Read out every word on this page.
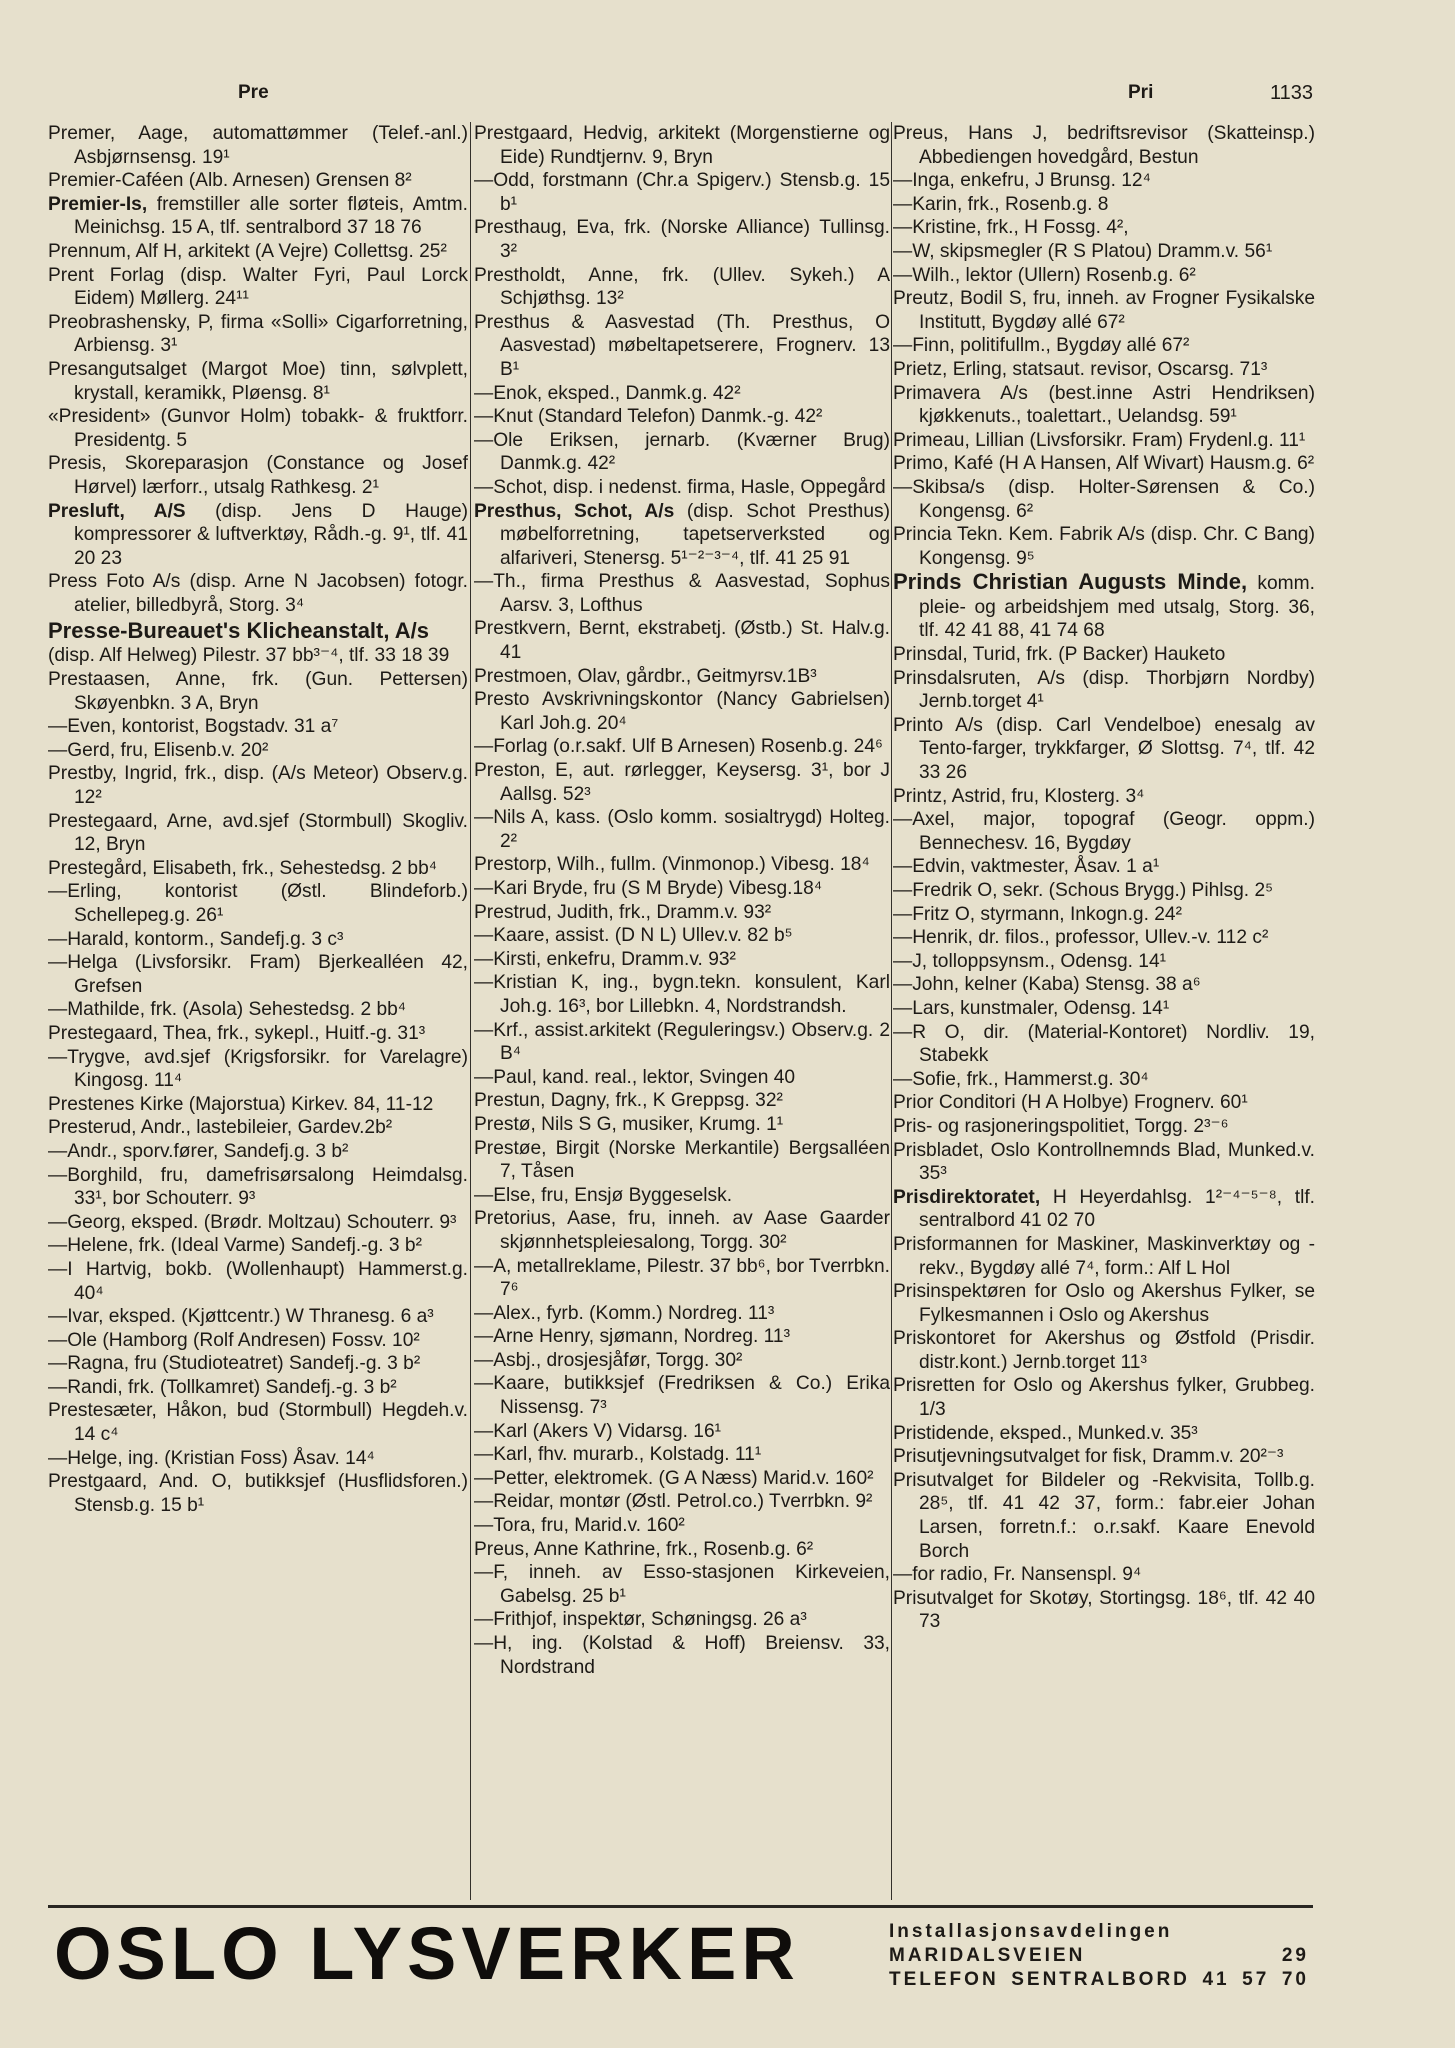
Pre	Pri	1133

Premer, Aage, automattømmer (Telef.-anl.) Asbjørnsensg. 19¹

Premier-Caféen (Alb. Arnesen) Grensen 8²

Premier-Is, fremstiller alle sorter fløteis, Amtm. Meinichsg. 15 A, tlf. sentralbord 37 18 76

Prennum, Alf H, arkitekt (A Vejre) Collettsg. 25²

Prent Forlag (disp. Walter Fyri, Paul Lorck Eidem) Møllerg. 24¹¹

Preobrashensky, P, firma «Solli» Cigarforretning, Arbiensg. 3¹

Presangutsalget (Margot Moe) tinn, sølvplett, krystall, keramikk, Pløensg. 8¹

«President» (Gunvor Holm) tobakk- & fruktforr. Presidentg. 5

Presis, Skoreparasjon (Constance og Josef Hørvel) lærforr., utsalg Rathkesg. 2¹

Presluft, A/S (disp. Jens D Hauge) kompressorer & luftverktøy, Rådh.-g. 9¹, tlf. 41 20 23

Press Foto A/s (disp. Arne N Jacobsen) fotogr. atelier, billedbyrå, Storg. 3⁴

Presse-Bureauet's Klicheanstalt, A/s

(disp. Alf Helweg) Pilestr. 37 bb³⁻⁴, tlf. 33 18 39

Prestaasen, Anne, frk. (Gun. Pettersen) Skøyenbkn. 3 A, Bryn

—Even, kontorist, Bogstadv. 31 a⁷

—Gerd, fru, Elisenb.v. 20²

Prestby, Ingrid, frk., disp. (A/s Meteor) Observ.g. 12²

Prestegaard, Arne, avd.sjef (Stormbull) Skogliv. 12, Bryn

Prestegård, Elisabeth, frk., Sehestedsg. 2 bb⁴

—Erling, kontorist (Østl. Blindeforb.) Schellepeg.g. 26¹

—Harald, kontorm., Sandefj.g. 3 c³

—Helga (Livsforsikr. Fram) Bjerkealléen 42, Grefsen

—Mathilde, frk. (Asola) Sehestedsg. 2 bb⁴

Prestegaard, Thea, frk., sykepl., Huitf.-g. 31³

—Trygve, avd.sjef (Krigsforsikr. for Varelagre) Kingosg. 11⁴

Prestenes Kirke (Majorstua) Kirkev. 84, 11-12

Presterud, Andr., lastebileier, Gardev.2b²

—Andr., sporv.fører, Sandefj.g. 3 b²

—Borghild, fru, damefrisørsalong Heimdalsg. 33¹, bor Schouterr. 9³

—Georg, eksped. (Brødr. Moltzau) Schouterr. 9³

—Helene, frk. (Ideal Varme) Sandefj.-g. 3 b²

—I Hartvig, bokb. (Wollenhaupt) Hammerst.g. 40⁴

—Ivar, eksped. (Kjøttcentr.) W Thranesg. 6 a³

—Ole (Hamborg (Rolf Andresen) Fossv. 10²

—Ragna, fru (Studioteatret) Sandefj.-g. 3 b²

—Randi, frk. (Tollkamret) Sandefj.-g. 3 b²

Prestesæter, Håkon, bud (Stormbull) Hegdeh.v. 14 c⁴

—Helge, ing. (Kristian Foss) Åsav. 14⁴

Prestgaard, And. O, butikksjef (Husflidsforen.) Stensb.g. 15 b¹

Prestgaard, Hedvig, arkitekt (Morgenstierne og Eide) Rundtjernv. 9, Bryn

—Odd, forstmann (Chr.a Spigerv.) Stensb.g. 15 b¹

Presthaug, Eva, frk. (Norske Alliance) Tullinsg. 3²

Prestholdt, Anne, frk. (Ullev. Sykeh.) A Schjøthsg. 13²

Presthus & Aasvestad (Th. Presthus, O Aasvestad) møbeltapetserere, Frognerv. 13 B¹

—Enok, eksped., Danmk.g. 42²

—Knut (Standard Telefon) Danmk.-g. 42²

—Ole Eriksen, jernarb. (Kværner Brug) Danmk.g. 42²

—Schot, disp. i nedenst. firma, Hasle, Oppegård

Presthus, Schot, A/s (disp. Schot Presthus) møbelforretning, tapetserverksted og alfariveri, Stenersg. 5¹⁻²⁻³⁻⁴, tlf. 41 25 91

—Th., firma Presthus & Aasvestad, Sophus Aarsv. 3, Lofthus

Prestkvern, Bernt, ekstrabetj. (Østb.) St. Halv.g. 41

Prestmoen, Olav, gårdbr., Geitmyrsv.1B³

Presto Avskrivningskontor (Nancy Gabrielsen) Karl Joh.g. 20⁴

—Forlag (o.r.sakf. Ulf B Arnesen) Rosenb.g. 24⁶

Preston, E, aut. rørlegger, Keysersg. 3¹, bor J Aallsg. 52³

—Nils A, kass. (Oslo komm. sosialtrygd) Holteg. 2²

Prestorp, Wilh., fullm. (Vinmonop.) Vibesg. 18⁴

—Kari Bryde, fru (S M Bryde) Vibesg.18⁴

Prestrud, Judith, frk., Dramm.v. 93²

—Kaare, assist. (D N L) Ullev.v. 82 b⁵

—Kirsti, enkefru, Dramm.v. 93²

—Kristian K, ing., bygn.tekn. konsulent, Karl Joh.g. 16³, bor Lillebkn. 4, Nordstrandsh.

—Krf., assist.arkitekt (Reguleringsv.) Observ.g. 2 B⁴

—Paul, kand. real., lektor, Svingen 40

Prestun, Dagny, frk., K Greppsg. 32²

Prestø, Nils S G, musiker, Krumg. 1¹

Prestøe, Birgit (Norske Merkantile) Bergsalléen 7, Tåsen

—Else, fru, Ensjø Byggeselsk.

Pretorius, Aase, fru, inneh. av Aase Gaarder skjønnhetspleiesalong, Torgg. 30²

—A, metallreklame, Pilestr. 37 bb⁶, bor Tverrbkn. 7⁶

—Alex., fyrb. (Komm.) Nordreg. 11³

—Arne Henry, sjømann, Nordreg. 11³

—Asbj., drosjesjåfør, Torgg. 30²

—Kaare, butikksjef (Fredriksen & Co.) Erika Nissensg. 7³

—Karl (Akers V) Vidarsg. 16¹

—Karl, fhv. murarb., Kolstadg. 11¹

—Petter, elektromek. (G A Næss) Marid.v. 160²

—Reidar, montør (Østl. Petrol.co.) Tverrbkn. 9²

—Tora, fru, Marid.v. 160²

Preus, Anne Kathrine, frk., Rosenb.g. 6²

—F, inneh. av Esso-stasjonen Kirkeveien, Gabelsg. 25 b¹

—Frithjof, inspektør, Schøningsg. 26 a³

—H, ing. (Kolstad & Hoff) Breiensv. 33, Nordstrand

Preus, Hans J, bedriftsrevisor (Skatteinsp.) Abbediengen hovedgård, Bestun

—Inga, enkefru, J Brunsg. 12⁴

—Karin, frk., Rosenb.g. 8

—Kristine, frk., H Fossg. 4²,

—W, skipsmegler (R S Platou) Dramm.v. 56¹

—Wilh., lektor (Ullern) Rosenb.g. 6²

Preutz, Bodil S, fru, inneh. av Frogner Fysikalske Institutt, Bygdøy allé 67²

—Finn, politifullm., Bygdøy allé 67²

Prietz, Erling, statsaut. revisor, Oscarsg. 71³

Primavera A/s (best.inne Astri Hendriksen) kjøkkenuts., toalettart., Uelandsg. 59¹

Primeau, Lillian (Livsforsikr. Fram) Frydenl.g. 11¹

Primo, Kafé (H A Hansen, Alf Wivart) Hausm.g. 6²

—Skibsa/s (disp. Holter-Sørensen & Co.) Kongensg. 6²

Princia Tekn. Kem. Fabrik A/s (disp. Chr. C Bang) Kongensg. 9⁵

Prinds Christian Augusts Minde, komm. pleie- og arbeidshjem med utsalg, Storg. 36, tlf. 42 41 88, 41 74 68

Prinsdal, Turid, frk. (P Backer) Hauketo

Prinsdalsruten, A/s (disp. Thorbjørn Nordby) Jernb.torget 4¹

Printo A/s (disp. Carl Vendelboe) enesalg av Tento-farger, trykkfarger, Ø Slottsg. 7⁴, tlf. 42 33 26

Printz, Astrid, fru, Klosterg. 3⁴

—Axel, major, topograf (Geogr. oppm.) Bennechesv. 16, Bygdøy

—Edvin, vaktmester, Åsav. 1 a¹

—Fredrik O, sekr. (Schous Brygg.) Pihlsg. 2⁵

—Fritz O, styrmann, Inkogn.g. 24²

—Henrik, dr. filos., professor, Ullev.-v. 112 c²

—J, tolloppsynsm., Odensg. 14¹

—John, kelner (Kaba) Stensg. 38 a⁶

—Lars, kunstmaler, Odensg. 14¹

—R O, dir. (Material-Kontoret) Nordliv. 19, Stabekk

—Sofie, frk., Hammerst.g. 30⁴

Prior Conditori (H A Holbye) Frognerv. 60¹

Pris- og rasjoneringspolitiet, Torgg. 2³⁻⁶

Prisbladet, Oslo Kontrollnemnds Blad, Munked.v. 35³

Prisdirektoratet, H Heyerdahlsg. 1²⁻⁴⁻⁵⁻⁸, tlf. sentralbord 41 02 70

Prisformannen for Maskiner, Maskinverktøy og -rekv., Bygdøy allé 7⁴, form.: Alf L Hol

Prisinspektøren for Oslo og Akershus Fylker, se Fylkesmannen i Oslo og Akershus

Priskontoret for Akershus og Østfold (Prisdir. distr.kont.) Jernb.torget 11³

Prisretten for Oslo og Akershus fylker, Grubbeg. 1/3

Pristidende, eksped., Munked.v. 35³

Prisutjevningsutvalget for fisk, Dramm.v. 20²⁻³

Prisutvalget for Bildeler og -Rekvisita, Tollb.g. 28⁵, tlf. 41 42 37, form.: fabr.eier Johan Larsen, forretn.f.: o.r.sakf. Kaare Enevold Borch

—for radio, Fr. Nansenspl. 9⁴

Prisutvalget for Skotøy, Stortingsg. 18⁶, tlf. 42 40 73

OSLO LYSVERKER	Installasjonsavdelingen
MARIDALSVEIEN 29
TELEFON SENTRALBORD 41 57 70
